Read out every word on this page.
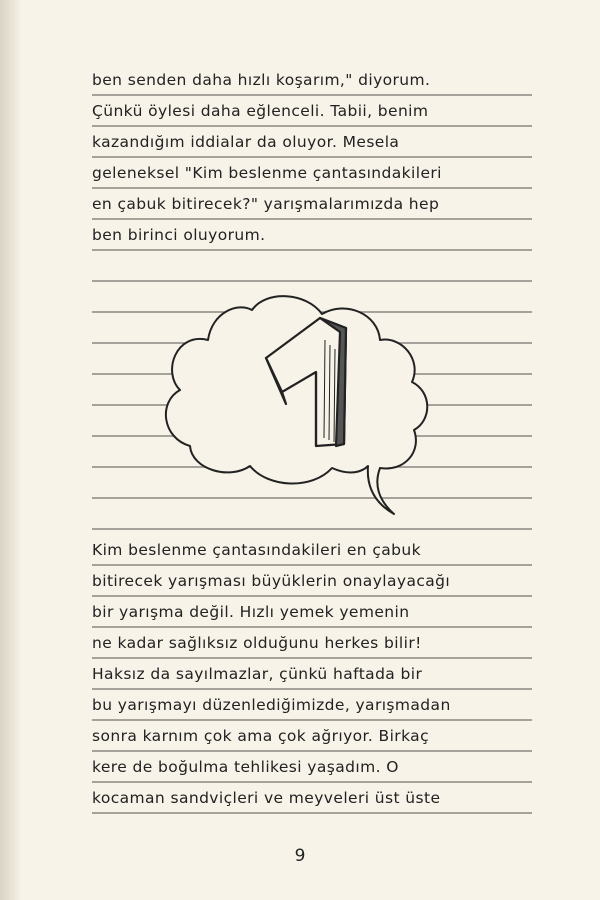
ben senden daha hızlı koşarım," diyorum.
Çünkü öylesi daha eğlenceli. Tabii, benim
kazandığım iddialar da oluyor. Mesela
geleneksel "Kim beslenme çantasındakileri
en çabuk bitirecek?" yarışmalarımızda hep
ben birinci oluyorum.
Kim beslenme çantasındakileri en çabuk
bitirecek yarışması büyüklerin onaylayacağı
bir yarışma değil. Hızlı yemek yemenin
ne kadar sağlıksız olduğunu herkes bilir!
Haksız da sayılmazlar, çünkü haftada bir
bu yarışmayı düzenlediğimizde, yarışmadan
sonra karnım çok ama çok ağrıyor. Birkaç
kere de boğulma tehlikesi yaşadım. O
kocaman sandviçleri ve meyveleri üst üste
9
